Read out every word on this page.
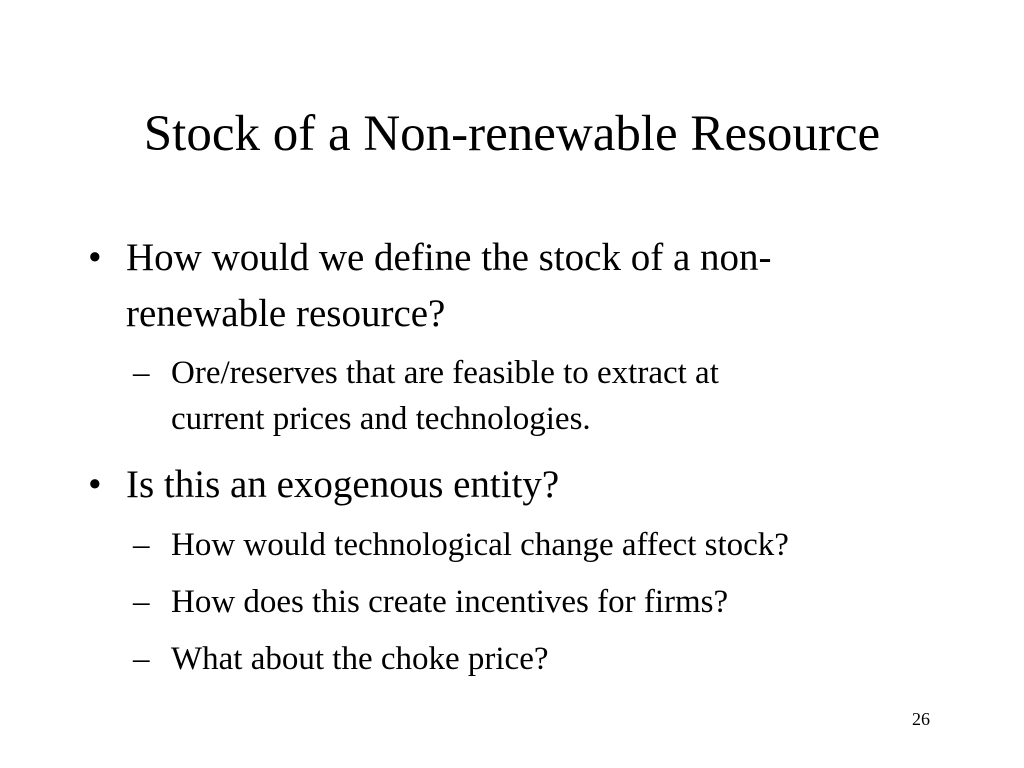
Stock of a Non-renewable Resource
• How would we define the stock of a non-
renewable resource?
– Ore/reserves that are feasible to extract at
current prices and technologies.
• Is this an exogenous entity?
– How would technological change affect stock?
– How does this create incentives for firms?
– What about the choke price?
26
